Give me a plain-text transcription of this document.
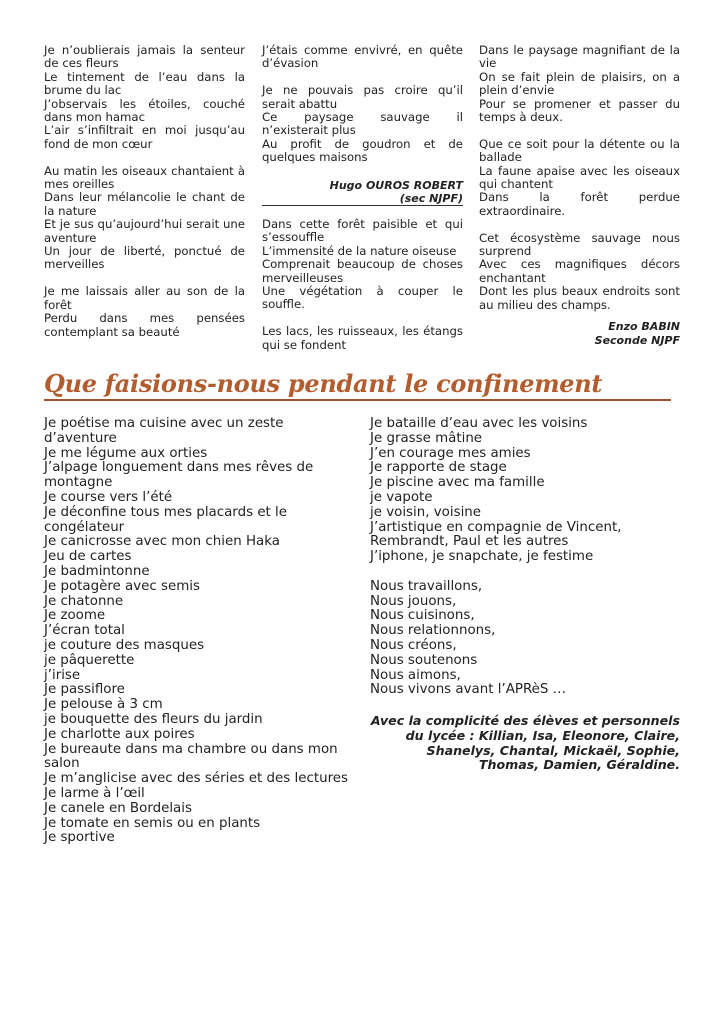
Je n’oublierais jamais la senteur de ces fleurs

Le tintement de l’eau dans la brume du lac

J’observais les étoiles, couché dans mon hamac

L’air s’infiltrait en moi jusqu’au fond de mon cœur

Au matin les oiseaux chantaient à mes oreilles

Dans leur mélancolie le chant de la nature

Et je sus qu’aujourd’hui serait une aventure

Un jour de liberté, ponctué de merveilles

Je me laissais aller au son de la forêt

Perdu dans mes pensées contemplant sa beauté

J’étais comme envivré, en quête d’évasion

Je ne pouvais pas croire qu’il serait abattu

Ce paysage sauvage il n’existerait plus

Au profit de goudron et de quelques maisons

Hugo OUROS ROBERT

(sec NJPF)

Dans cette forêt paisible et qui s’essouffle

L’immensité de la nature oiseuse

Comprenait beaucoup de choses merveilleuses

Une végétation à couper le souffle.

Les lacs, les ruisseaux, les étangs qui se fondent

Dans le paysage magnifiant de la vie

On se fait plein de plaisirs, on a plein d’envie

Pour se promener et passer du temps à deux.

Que ce soit pour la détente ou la ballade

La faune apaise avec les oiseaux qui chantent

Dans la forêt perdue extraordinaire.

Cet écosystème sauvage nous surprend

Avec ces magnifiques décors enchantant

Dont les plus beaux endroits sont au milieu des champs.

Enzo BABIN

Seconde NJPF

Que faisions-nous pendant le confinement

Je poétise ma cuisine avec un zeste d’aventure

Je me légume aux orties

J’alpage longuement dans mes rêves de montagne

Je course vers l’été

Je déconfine tous mes placards et le congélateur

Je canicrosse avec mon chien Haka

Jeu de cartes

Je badmintonne

Je potagère avec semis

Je chatonne

Je zoome

J’écran total

je couture des masques

je pâquerette

j’irise

Je passiflore

Je pelouse à 3 cm

je bouquette des fleurs du jardin

Je charlotte aux poires

Je bureaute dans ma chambre ou dans mon salon

Je m’anglicise avec des séries et des lectures

Je larme à l’œil

Je canele en Bordelais

Je tomate en semis ou en plants

Je sportive

Je bataille d’eau avec les voisins

Je grasse mâtine

J’en courage mes amies

Je rapporte de stage

Je piscine avec ma famille

je vapote

je voisin, voisine

J’artistique en compagnie de Vincent, Rembrandt, Paul et les autres

J’iphone, je snapchate, je festime

Nous travaillons,

Nous jouons,

Nous cuisinons,

Nous relationnons,

Nous créons,

Nous soutenons

Nous aimons,

Nous vivons avant l’APRèS …

Avec la complicité des élèves et personnels du lycée : Killian, Isa, Eleonore, Claire, Shanelys, Chantal, Mickaël, Sophie, Thomas, Damien, Géraldine.
